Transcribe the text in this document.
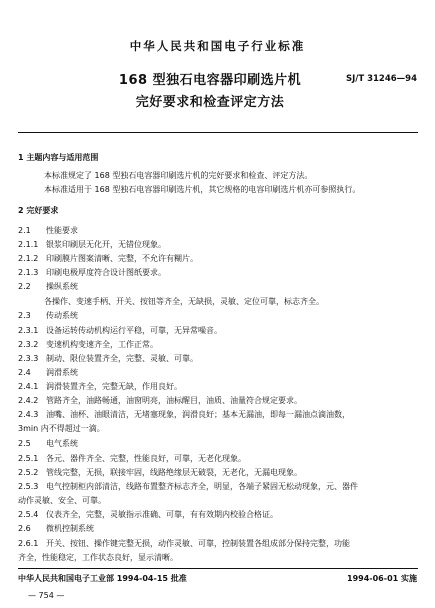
中华人民共和国电子行业标准
168 型独石电容器印刷选片机
完好要求和检查评定方法
SJ/T 31246—94
1 主题内容与适用范围
本标准规定了 168 型独石电容器印刷选片机的完好要求和检查、评定方法。
本标准适用于 168 型独石电容器印刷选片机，其它规格的电容印刷选片机亦可参照执行。
2 完好要求
2.1 性能要求
2.1.1 银浆印刷层无化开，无错位现象。
2.1.2 印刷膜片图案清晰、完整，不允许有糊片。
2.1.3 印刷电极厚度符合设计图纸要求。
2.2 操纵系统
各操作、变速手柄、开关、按钮等齐全，无缺损，灵敏、定位可靠，标志齐全。
2.3 传动系统
2.3.1 设备运转传动机构运行平稳，可靠，无异常噪音。
2.3.2 变速机构变速齐全，工作正常。
2.3.3 制动、限位装置齐全，完整、灵敏、可靠。
2.4 润滑系统
2.4.1 润滑装置齐全，完整无缺，作用良好。
2.4.2 管路齐全，油路畅通，油窗明亮，油标醒目，油质、油量符合规定要求。
2.4.3 油嘴、油杯、油眼清洁，无堵塞现象，润滑良好；基本无漏油，即每一漏油点滴油数，
3min 内不得超过一滴。
2.5 电气系统
2.5.1 各元、器件齐全、完整，性能良好，可靠，无老化现象。
2.5.2 管线完整，无损，联接牢固，线路绝缘层无破裂，无老化，无漏电现象。
2.5.3 电气控制柜内部清洁，线路布置整齐标志齐全，明显，各端子紧固无松动现象，元、器件
动作灵敏、安全、可靠。
2.5.4 仪表齐全，完整，灵敏指示准确、可靠，有有效期内校验合格证。
2.6 微机控制系统
2.6.1 开关、按钮、操作键完整无损，动作灵敏、可靠，控制装置各组成部分保持完整，功能
齐全，性能稳定，工作状态良好，显示清晰。
中华人民共和国电子工业部 1994-04-15 批准	1994-06-01 实施
— 754 —
